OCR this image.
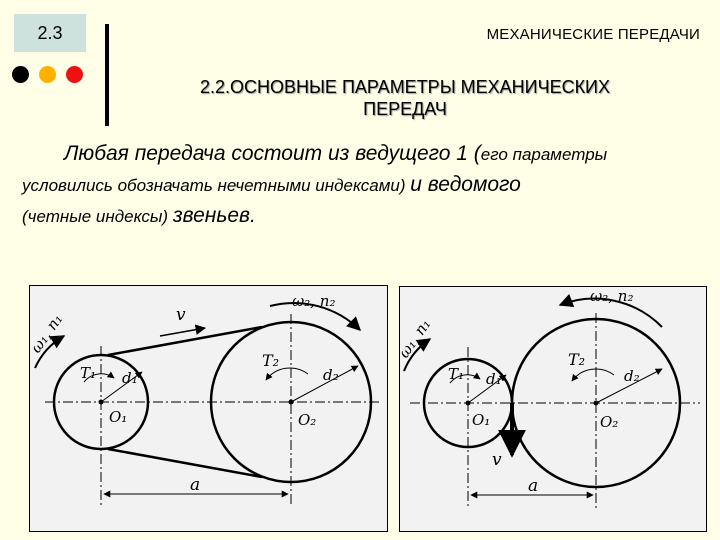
2.3	МЕХАНИЧЕСКИЕ ПЕРЕДАЧИ
2.2.ОСНОВНЫЕ ПАРАМЕТРЫ МЕХАНИЧЕСКИХ
ПЕРЕДАЧ
Любая передача состоит из ведущего 1 (его параметры
условились обозначать нечетными индексами) и ведомого
(четные индексы) звеньев.
ω₁, n₁
T₁ d₁
O₁
v
ω₂, n₂
T₂
d₂
O₂
a
ω₁, n₁
T₁ d₁
O₁
v
ω₂, n₂
T₂
d₂
O₂
a
